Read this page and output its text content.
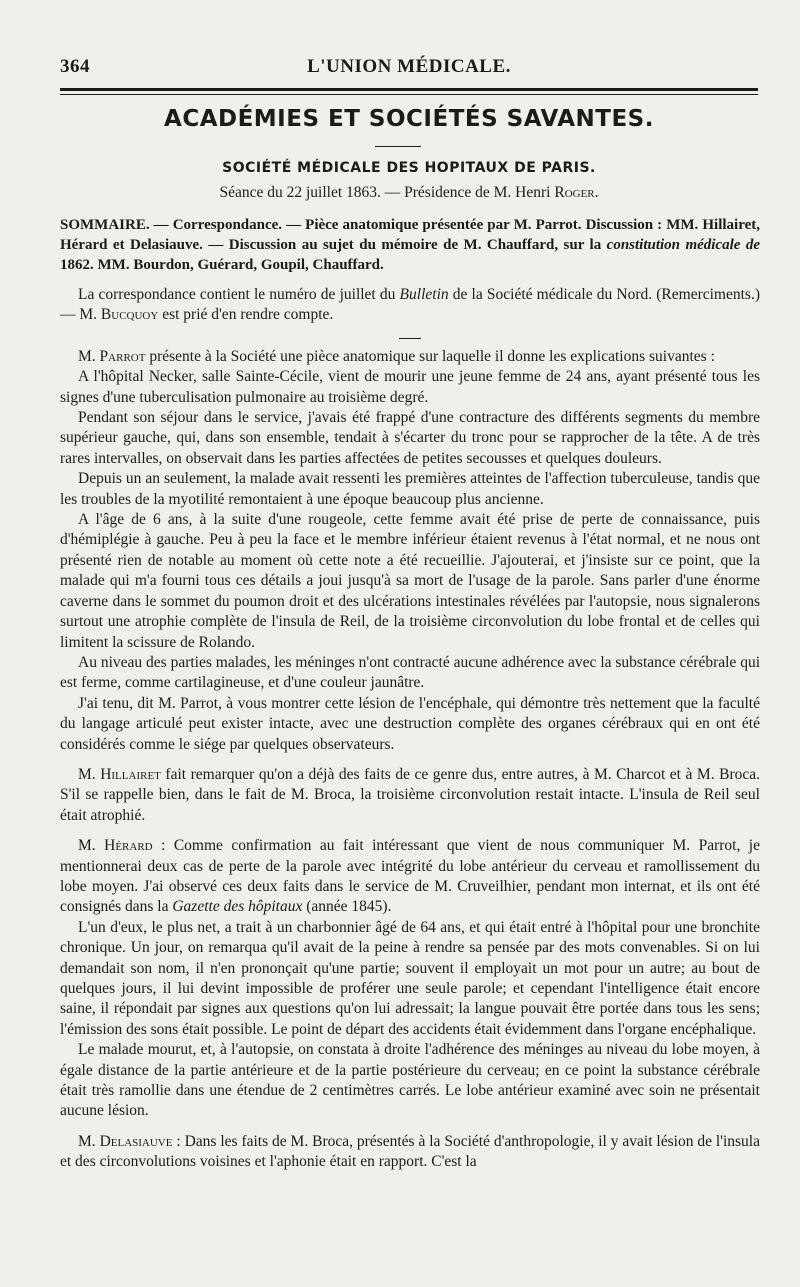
364	L'UNION MÉDICALE.
ACADÉMIES ET SOCIÉTÉS SAVANTES.
SOCIÉTÉ MÉDICALE DES HOPITAUX DE PARIS.
Séance du 22 juillet 1863. — Présidence de M. Henri Roger.
SOMMAIRE. — Correspondance. — Pièce anatomique présentée par M. Parrot. Discussion : MM. Hillairet, Hérard et Delasiauve. — Discussion au sujet du mémoire de M. Chauffard, sur la constitution médicale de 1862. MM. Bourdon, Guérard, Goupil, Chauffard.

La correspondance contient le numéro de juillet du Bulletin de la Société médicale du Nord. (Remerciments.) — M. Bucquoy est prié d'en rendre compte.

M. Parrot présente à la Société une pièce anatomique sur laquelle il donne les explications suivantes :

A l'hôpital Necker, salle Sainte-Cécile, vient de mourir une jeune femme de 24 ans, ayant présenté tous les signes d'une tuberculisation pulmonaire au troisième degré.

Pendant son séjour dans le service, j'avais été frappé d'une contracture des différents segments du membre supérieur gauche, qui, dans son ensemble, tendait à s'écarter du tronc pour se rapprocher de la tête. A de très rares intervalles, on observait dans les parties affectées de petites secousses et quelques douleurs.

Depuis un an seulement, la malade avait ressenti les premières atteintes de l'affection tuberculeuse, tandis que les troubles de la myotilité remontaient à une époque beaucoup plus ancienne.

A l'âge de 6 ans, à la suite d'une rougeole, cette femme avait été prise de perte de connaissance, puis d'hémiplégie à gauche. Peu à peu la face et le membre inférieur étaient revenus à l'état normal, et ne nous ont présenté rien de notable au moment où cette note a été recueillie. J'ajouterai, et j'insiste sur ce point, que la malade qui m'a fourni tous ces détails a joui jusqu'à sa mort de l'usage de la parole. Sans parler d'une énorme caverne dans le sommet du poumon droit et des ulcérations intestinales révélées par l'autopsie, nous signalerons surtout une atrophie complète de l'insula de Reil, de la troisième circonvolution du lobe frontal et de celles qui limitent la scissure de Rolando.

Au niveau des parties malades, les méninges n'ont contracté aucune adhérence avec la substance cérébrale qui est ferme, comme cartilagineuse, et d'une couleur jaunâtre.

J'ai tenu, dit M. Parrot, à vous montrer cette lésion de l'encéphale, qui démontre très nettement que la faculté du langage articulé peut exister intacte, avec une destruction complète des organes cérébraux qui en ont été considérés comme le siége par quelques observateurs.

M. Hillairet fait remarquer qu'on a déjà des faits de ce genre dus, entre autres, à M. Charcot et à M. Broca. S'il se rappelle bien, dans le fait de M. Broca, la troisième circonvolution restait intacte. L'insula de Reil seul était atrophié.

M. Hérard : Comme confirmation au fait intéressant que vient de nous communiquer M. Parrot, je mentionnerai deux cas de perte de la parole avec intégrité du lobe antérieur du cerveau et ramollissement du lobe moyen. J'ai observé ces deux faits dans le service de M. Cruveilhier, pendant mon internat, et ils ont été consignés dans la Gazette des hôpitaux (année 1845).

L'un d'eux, le plus net, a trait à un charbonnier âgé de 64 ans, et qui était entré à l'hôpital pour une bronchite chronique. Un jour, on remarqua qu'il avait de la peine à rendre sa pensée par des mots convenables. Si on lui demandait son nom, il n'en prononçait qu'une partie; souvent il employait un mot pour un autre; au bout de quelques jours, il lui devint impossible de proférer une seule parole; et cependant l'intelligence était encore saine, il répondait par signes aux questions qu'on lui adressait; la langue pouvait être portée dans tous les sens; l'émission des sons était possible. Le point de départ des accidents était évidemment dans l'organe encéphalique.

Le malade mourut, et, à l'autopsie, on constata à droite l'adhérence des méninges au niveau du lobe moyen, à égale distance de la partie antérieure et de la partie postérieure du cerveau; en ce point la substance cérébrale était très ramollie dans une étendue de 2 centimètres carrés. Le lobe antérieur examiné avec soin ne présentait aucune lésion.

M. Delasiauve : Dans les faits de M. Broca, présentés à la Société d'anthropologie, il y avait lésion de l'insula et des circonvolutions voisines et l'aphonie était en rapport. C'est la
